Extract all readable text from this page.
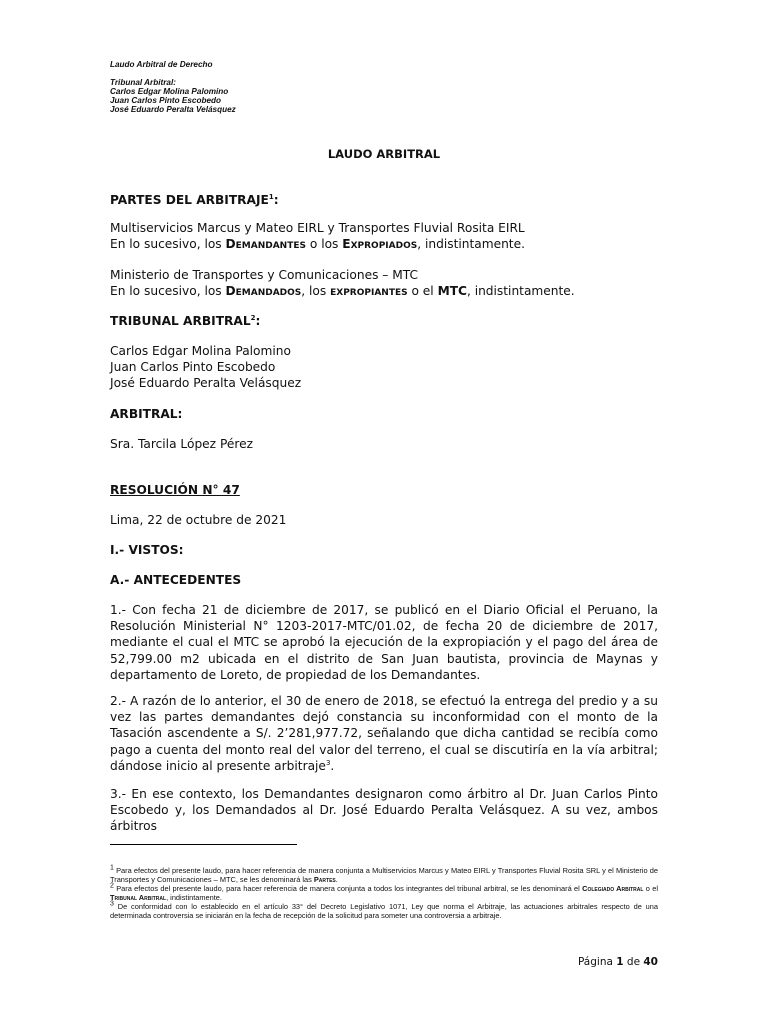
Laudo Arbitral de Derecho
Tribunal Arbitral:
Carlos Edgar Molina Palomino
Juan Carlos Pinto Escobedo
José Eduardo Peralta Velásquez
LAUDO ARBITRAL
PARTES DEL ARBITRAJE$^1$:
Multiservicios Marcus y Mateo EIRL y Transportes Fluvial Rosita EIRL
En lo sucesivo, los Demandantes o los Expropiados, indistintamente.
Ministerio de Transportes y Comunicaciones – MTC
En lo sucesivo, los Demandados, los expropiantes o el MTC, indistintamente.
TRIBUNAL ARBITRAL$^2$:
Carlos Edgar Molina Palomino
Juan Carlos Pinto Escobedo
José Eduardo Peralta Velásquez
ARBITRAL:
Sra. Tarcila López Pérez
RESOLUCIÓN N° 47
Lima, 22 de octubre de 2021
I.- VISTOS:
A.- ANTECEDENTES
1.- Con fecha 21 de diciembre de 2017, se publicó en el Diario Oficial el Peruano, la Resolución Ministerial N° 1203-2017-MTC/01.02, de fecha 20 de diciembre de 2017, mediante el cual el MTC se aprobó la ejecución de la expropiación y el pago del área de 52,799.00 m2 ubicada en el distrito de San Juan bautista, provincia de Maynas y departamento de Loreto, de propiedad de los Demandantes.
2.- A razón de lo anterior, el 30 de enero de 2018, se efectuó la entrega del predio y a su vez las partes demandantes dejó constancia su inconformidad con el monto de la Tasación ascendente a S/. 2’281,977.72, señalando que dicha cantidad se recibía como pago a cuenta del monto real del valor del terreno, el cual se discutiría en la vía arbitral; dándose inicio al presente arbitraje$^3$.
3.- En ese contexto, los Demandantes designaron como árbitro al Dr. Juan Carlos Pinto Escobedo y, los Demandados al Dr. José Eduardo Peralta Velásquez. A su vez, ambos árbitros
$^1$ Para efectos del presente laudo, para hacer referencia de manera conjunta a Multiservicios Marcus y Mateo EIRL y Transportes Fluvial Rosita SRL y el Ministerio de Transportes y Comunicaciones – MTC, se les denominará las Partes.
$^2$ Para efectos del presente laudo, para hacer referencia de manera conjunta a todos los integrantes del tribunal arbitral, se les denominará el Colegiado Arbitral o el Tribunal Arbitral, indistintamente.
$^3$ De conformidad con lo establecido en el artículo 33° del Decreto Legislativo 1071, Ley que norma el Arbitraje, las actuaciones arbitrales respecto de una determinada controversia se iniciarán en la fecha de recepción de la solicitud para someter una controversia a arbitraje.
Página 1 de 40
